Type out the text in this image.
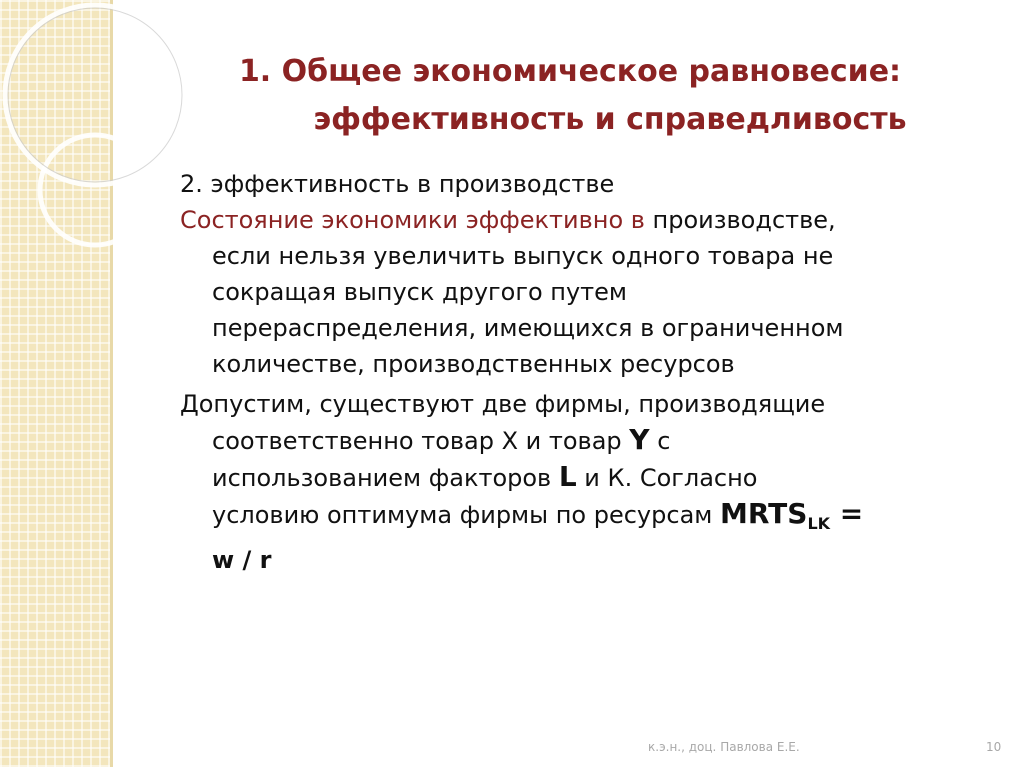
1. Общее экономическое равновесие:
эффективность и справедливость
2. эффективность в производстве
Состояние экономики эффективно в производстве,
если нельзя увеличить выпуск одного товара не
сокращая выпуск другого путем
перераспределения, имеющихся в ограниченном
количестве, производственных ресурсов
Допустим, существуют две фирмы, производящие
соответственно товар Х и товар Y с
использованием факторов L и К. Согласно
условию оптимума фирмы по ресурсам $MRTS_{LK}$ =
w / r
к.э.н., доц. Павлова Е.Е.	10
